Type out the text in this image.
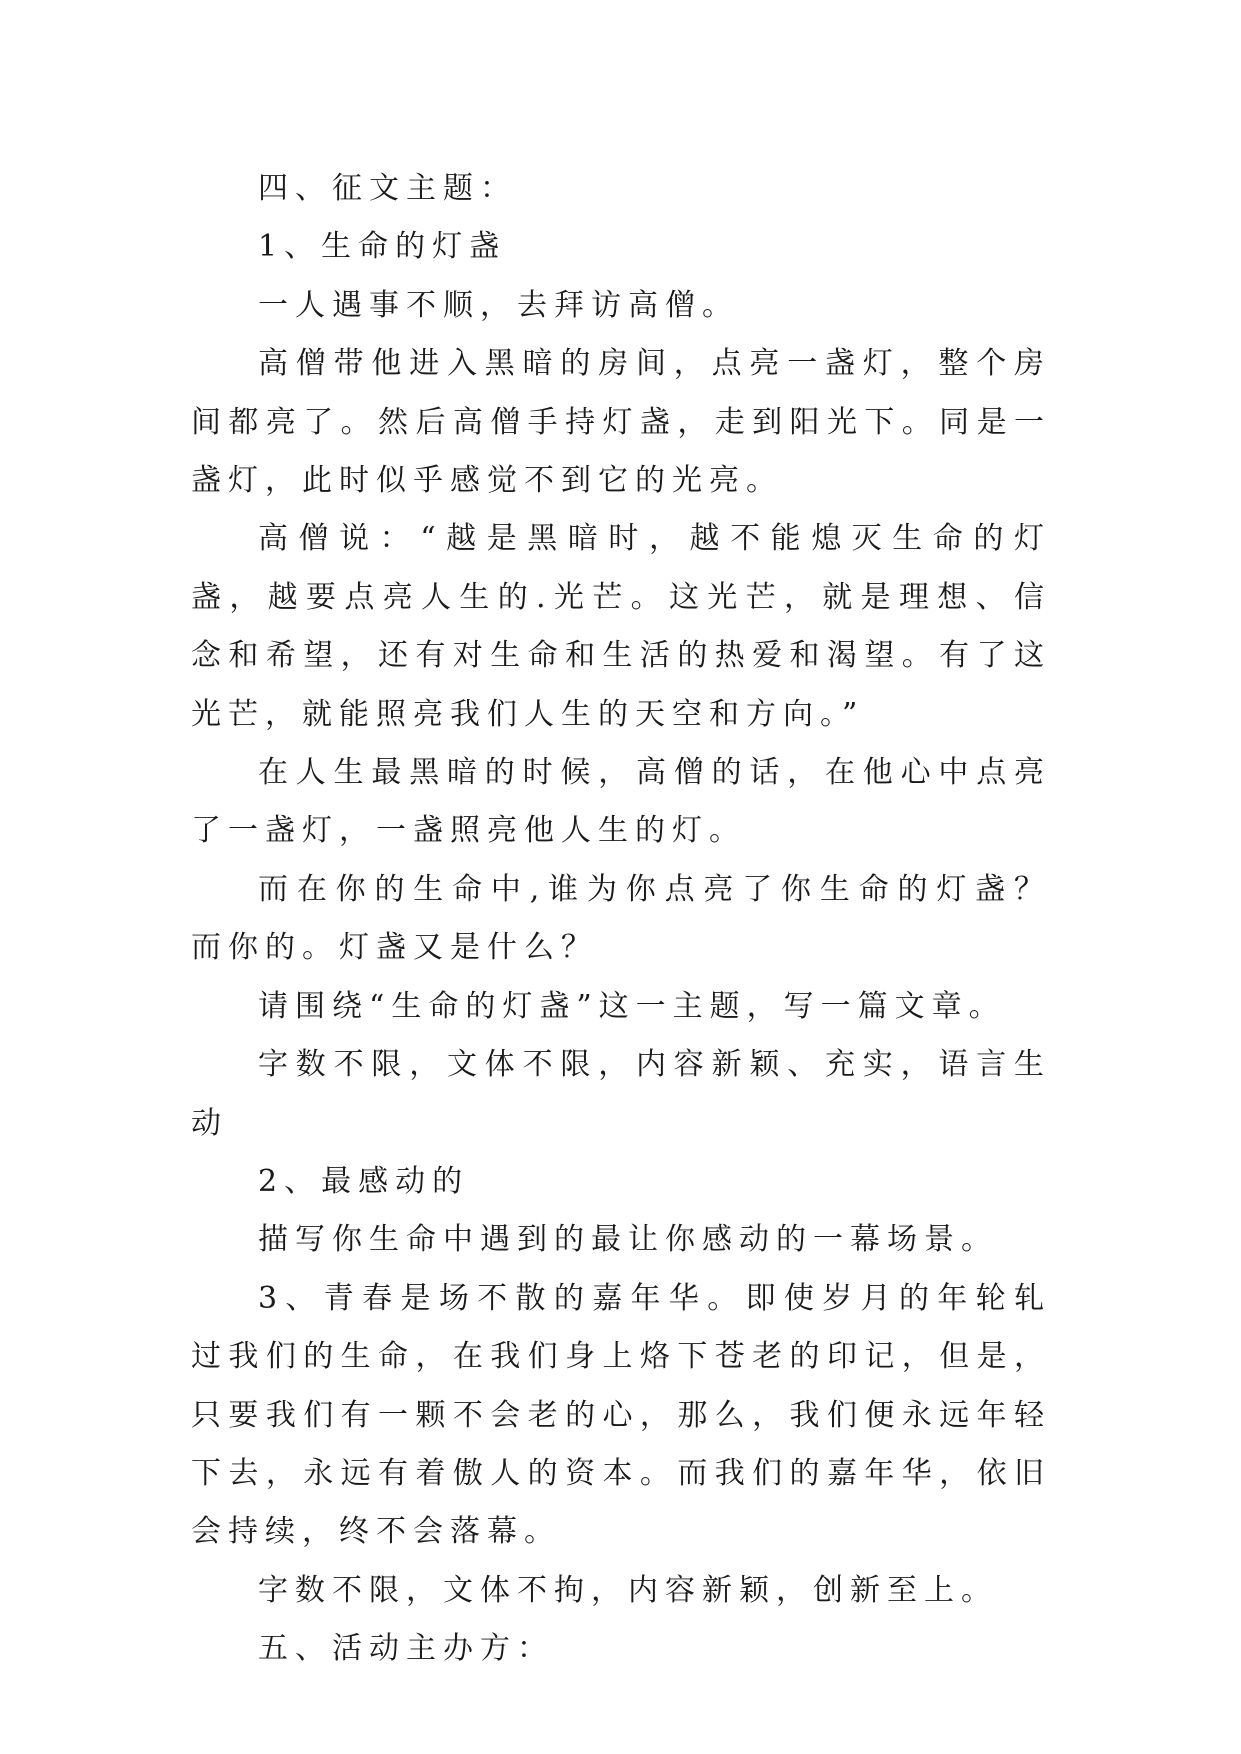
四、征文主题：

1、生命的灯盏

一人遇事不顺，去拜访高僧。

高僧带他进入黑暗的房间，点亮一盏灯，整个房间都亮了。然后高僧手持灯盏，走到阳光下。同是一盏灯，此时似乎感觉不到它的光亮。

高僧说：“越是黑暗时，越不能熄灭生命的灯盏，越要点亮人生的.光芒。这光芒，就是理想、信念和希望，还有对生命和生活的热爱和渴望。有了这光芒，就能照亮我们人生的天空和方向。”

在人生最黑暗的时候，高僧的话，在他心中点亮了一盏灯，一盏照亮他人生的灯。

而在你的生命中,谁为你点亮了你生命的灯盏？而你的。灯盏又是什么？

请围绕“生命的灯盏”这一主题，写一篇文章。

字数不限，文体不限，内容新颖、充实，语言生动

2、最感动的

描写你生命中遇到的最让你感动的一幕场景。

3、青春是场不散的嘉年华。即使岁月的年轮轧过我们的生命，在我们身上烙下苍老的印记，但是，只要我们有一颗不会老的心，那么，我们便永远年轻下去，永远有着傲人的资本。而我们的嘉年华，依旧会持续，终不会落幕。

字数不限，文体不拘，内容新颖，创新至上。

五、活动主办方：
